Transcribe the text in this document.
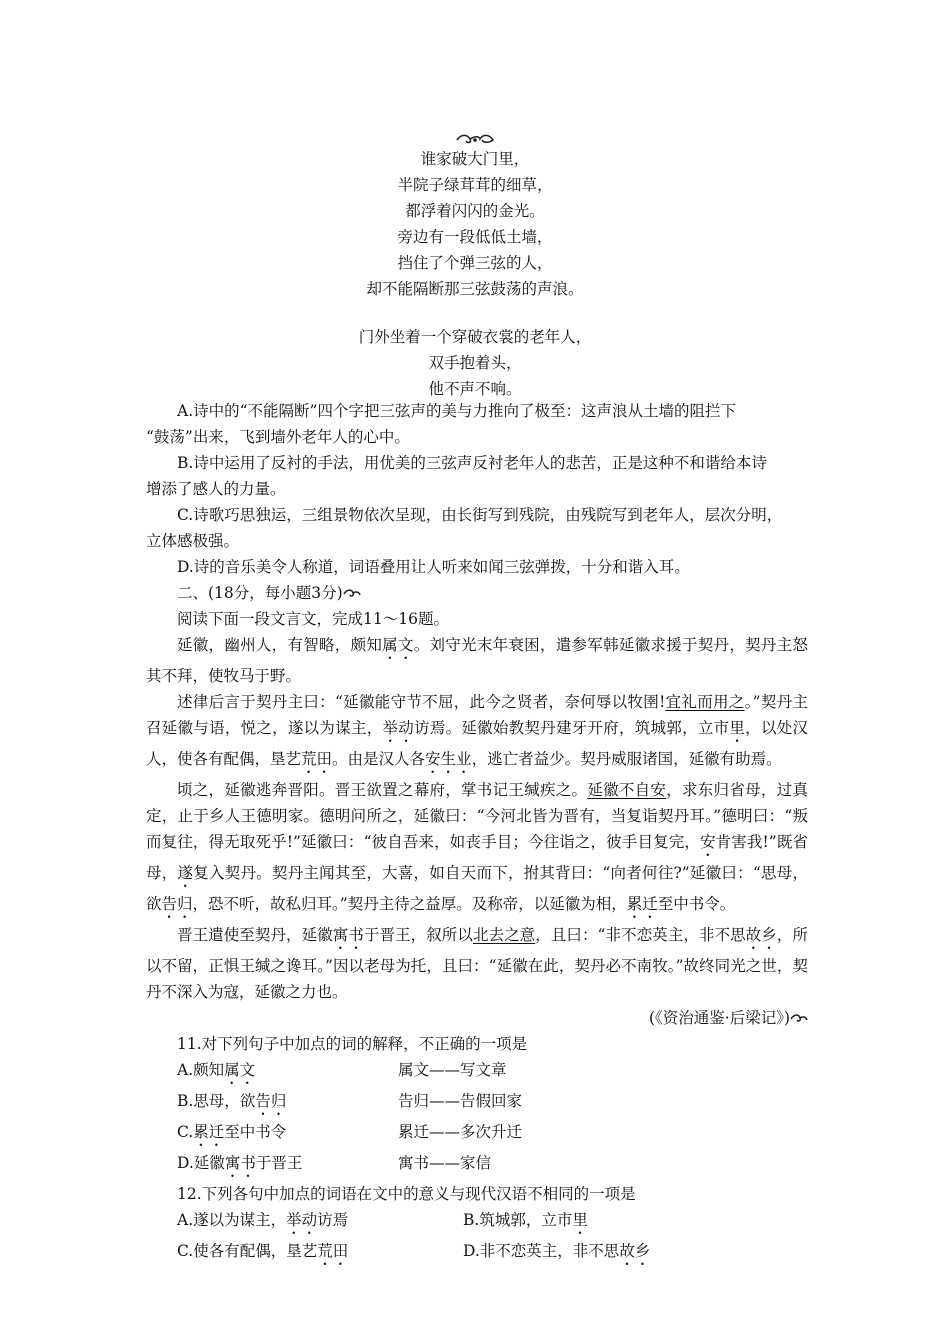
谁家破大门里，
半院子绿茸茸的细草，
都浮着闪闪的金光。
旁边有一段低低土墙，
挡住了个弹三弦的人，
却不能隔断那三弦鼓荡的声浪。
门外坐着一个穿破衣裳的老年人，
双手抱着头，
他不声不响。

A.诗中的“不能隔断”四个字把三弦声的美与力推向了极至：这声浪从土墙的阻拦下

“鼓荡”出来，飞到墙外老年人的心中。

B.诗中运用了反衬的手法，用优美的三弦声反衬老年人的悲苦，正是这种不和谐给本诗

增添了感人的力量。

C.诗歌巧思独运，三组景物依次呈现，由长街写到残院，由残院写到老年人，层次分明，

立体感极强。

D.诗的音乐美令人称道，词语叠用让人听来如闻三弦弹拨，十分和谐入耳。

二、(18分，每小题3分)

阅读下面一段文言文，完成11～16题。

延徽，幽州人，有智略，颇知属文。刘守光末年衰困，遣参军韩延徽求援于契丹，契丹主怒其不拜，使牧马于野。

述律后言于契丹主曰：“延徽能守节不屈，此今之贤者，奈何辱以牧圉!宜礼而用之。”契丹主召延徽与语，悦之，遂以为谋主，举动访焉。延徽始教契丹建牙开府，筑城郭，立市里，以处汉人，使各有配偶，垦艺荒田。由是汉人各安生业，逃亡者益少。契丹威服诸国，延徽有助焉。

顷之，延徽逃奔晋阳。晋王欲置之幕府，掌书记王缄疾之。延徽不自安，求东归省母，过真定，止于乡人王德明家。德明问所之，延徽曰：“今河北皆为晋有，当复诣契丹耳。”德明曰：“叛而复往，得无取死乎!”延徽曰：“彼自吾来，如丧手目；今往诣之，彼手目复完，安肯害我!”既省母，遂复入契丹。契丹主闻其至，大喜，如自天而下，拊其背曰：“向者何往?”延徽曰：“思母，欲告归，恐不听，故私归耳。”契丹主待之益厚。及称帝，以延徽为相，累迁至中书令。

晋王遣使至契丹，延徽寓书于晋王，叙所以北去之意，且曰：“非不恋英主，非不思故乡，所以不留，正惧王缄之谗耳。”因以老母为托，且曰：“延徽在此，契丹必不南牧。”故终同光之世，契丹不深入为寇，延徽之力也。

(《资治通鉴·后梁记》)

11.对下列句子中加点的词的解释，不正确的一项是

A.颇知属文	属文——写文章
B.思母，欲告归	告归——告假回家
C.累迁至中书令	累迁——多次升迁
D.延徽寓书于晋王	寓书——家信

12.下列各句中加点的词语在文中的意义与现代汉语不相同的一项是

A.遂以为谋主，举动访焉	B.筑城郭，立市里
C.使各有配偶，垦艺荒田	D.非不恋英主，非不思故乡
